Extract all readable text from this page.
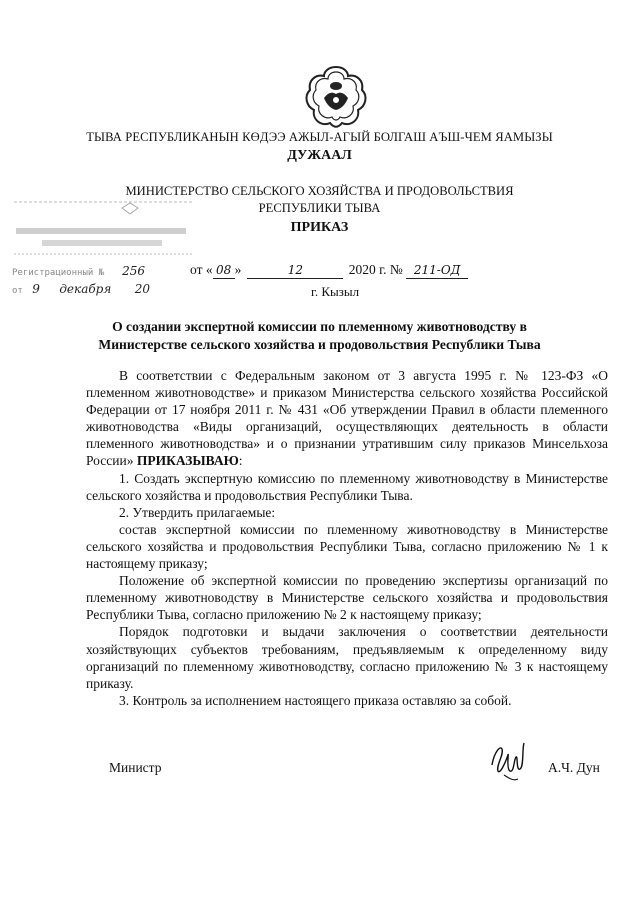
ТЫВА РЕСПУБЛИКАНЫН КӨДЭЭ АЖЫЛ-АГЫЙ БОЛГАШ АЪШ-ЧЕМ ЯАМЫЗЫ
ДУЖААЛ
МИНИСТЕРСТВО СЕЛЬСКОГО ХОЗЯЙСТВА И ПРОДОВОЛЬСТВИЯ
РЕСПУБЛИКИ ТЫВА
ПРИКАЗ
Регистрационный № 256
от 9 декабря 20
от « 08 »	12	2020 г. № 211-ОД
г. Кызыл
О создании экспертной комиссии по племенному животноводству в
Министерстве сельского хозяйства и продовольствия Республики Тыва

В соответствии с Федеральным законом от 3 августа 1995 г. № 123-ФЗ «О племенном животноводстве» и приказом Министерства сельского хозяйства Российской Федерации от 17 ноября 2011 г. № 431 «Об утверждении Правил в области племенного животноводства «Виды организаций, осуществляющих деятельность в области племенного животноводства» и о признании утратившим силу приказов Минсельхоза России» ПРИКАЗЫВАЮ:

1. Создать экспертную комиссию по племенному животноводству в Министерстве сельского хозяйства и продовольствия Республики Тыва.

2. Утвердить прилагаемые:

состав экспертной комиссии по племенному животноводству в Министерстве сельского хозяйства и продовольствия Республики Тыва, согласно приложению № 1 к настоящему приказу;

Положение об экспертной комиссии по проведению экспертизы организаций по племенному животноводству в Министерстве сельского хозяйства и продовольствия Республики Тыва, согласно приложению № 2 к настоящему приказу;

Порядок подготовки и выдачи заключения о соответствии деятельности хозяйствующих субъектов требованиям, предъявляемым к определенному виду организаций по племенному животноводству, согласно приложению № 3 к настоящему приказу.

3. Контроль за исполнением настоящего приказа оставляю за собой.

Министр	А.Ч. Дун
